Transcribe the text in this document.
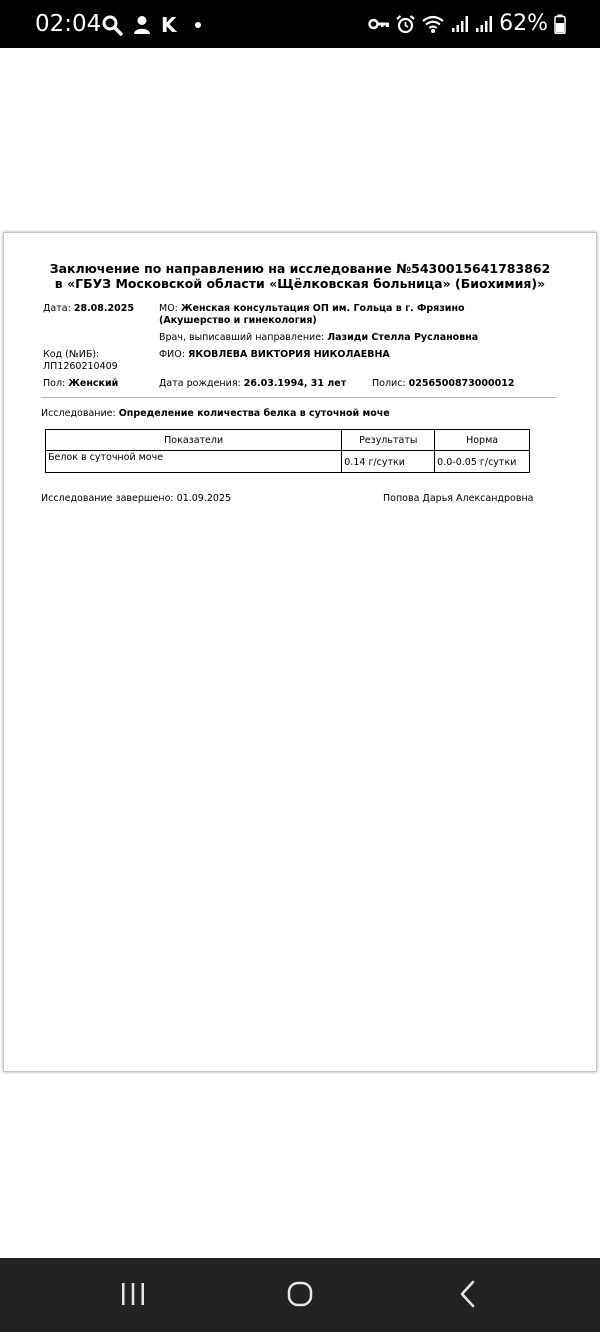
02:04	K	62%
Заключение по направлению на исследование №5430015641783862
в «ГБУЗ Московской области «Щёлковская больница» (Биохимия)»
Дата: 28.08.2025	МО: Женская консультация ОП им. Гольца в г. Фрязино
(Акушерство и гинекология)
Врач, выписавший направление: Лазиди Стелла Руслановна
Код (№ИБ):
ЛП1260210409
ФИО: ЯКОВЛЕВА ВИКТОРИЯ НИКОЛАЕВНА
Пол: Женский	Дата рождения: 26.03.1994, 31 лет	Полис: 0256500873000012
Исследование: Определение количества белка в суточной моче
Показатели	Результаты	Норма
Белок в суточной моче	0.14 г/сутки	0.0-0.05 г/сутки
Исследование завершено: 01.09.2025	Попова Дарья Александровна
